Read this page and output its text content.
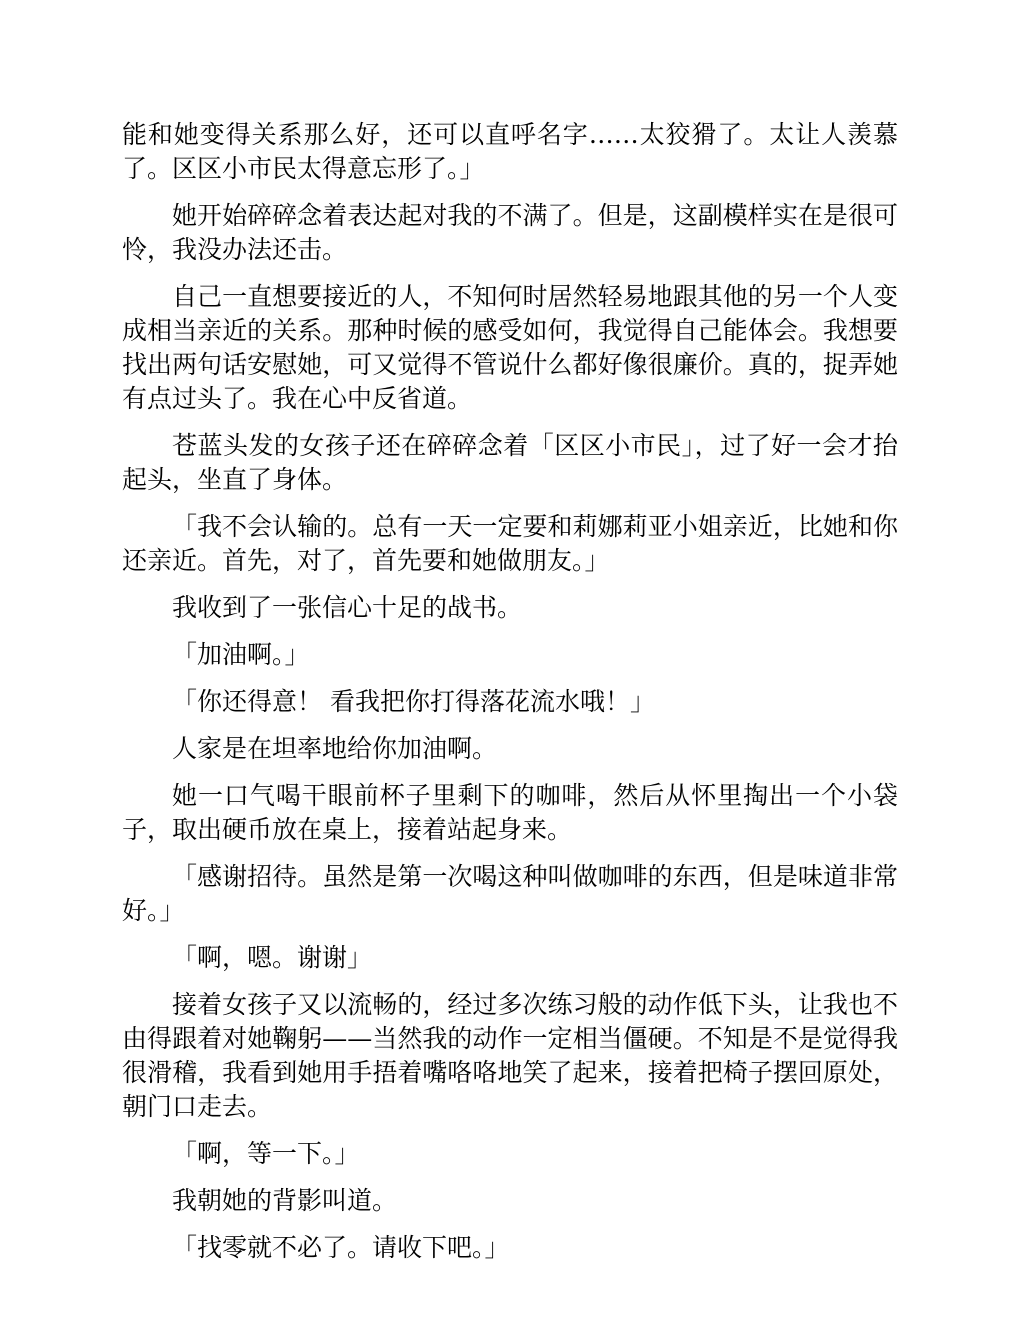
能和她变得关系那么好，还可以直呼名字……太狡猾了。太让人羡慕了。区区小市民太得意忘形了。」

她开始碎碎念着表达起对我的不满了。但是，这副模样实在是很可怜，我没办法还击。

自己一直想要接近的人，不知何时居然轻易地跟其他的另一个人变成相当亲近的关系。那种时候的感受如何，我觉得自己能体会。我想要找出两句话安慰她，可又觉得不管说什么都好像很廉价。真的，捉弄她有点过头了。我在心中反省道。

苍蓝头发的女孩子还在碎碎念着「区区小市民」，过了好一会才抬起头，坐直了身体。

「我不会认输的。总有一天一定要和莉娜莉亚小姐亲近，比她和你还亲近。首先，对了，首先要和她做朋友。」

我收到了一张信心十足的战书。

「加油啊。」

「你还得意！ 看我把你打得落花流水哦！」

人家是在坦率地给你加油啊。

她一口气喝干眼前杯子里剩下的咖啡，然后从怀里掏出一个小袋子，取出硬币放在桌上，接着站起身来。

「感谢招待。虽然是第一次喝这种叫做咖啡的东西，但是味道非常好。」

「啊，嗯。谢谢」

接着女孩子又以流畅的，经过多次练习般的动作低下头，让我也不由得跟着对她鞠躬——当然我的动作一定相当僵硬。不知是不是觉得我很滑稽，我看到她用手捂着嘴咯咯地笑了起来，接着把椅子摆回原处，朝门口走去。

「啊，等一下。」

我朝她的背影叫道。

「找零就不必了。请收下吧。」
